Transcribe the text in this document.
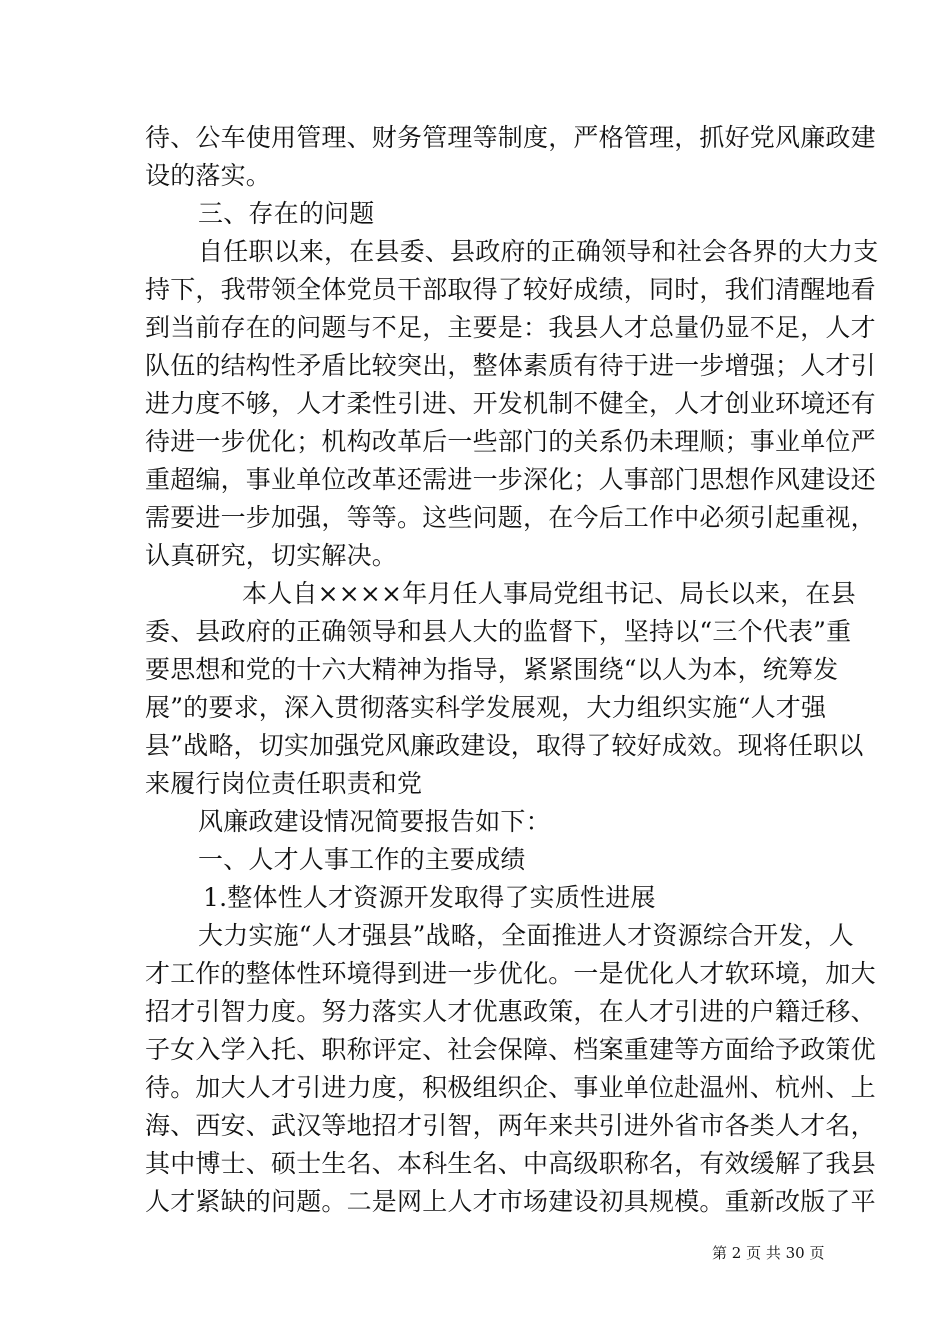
待、公车使用管理、财务管理等制度，严格管理，抓好党风廉政建
设的落实。
三、存在的问题
自任职以来，在县委、县政府的正确领导和社会各界的大力支
持下，我带领全体党员干部取得了较好成绩，同时，我们清醒地看
到当前存在的问题与不足，主要是：我县人才总量仍显不足，人才
队伍的结构性矛盾比较突出，整体素质有待于进一步增强；人才引
进力度不够，人才柔性引进、开发机制不健全，人才创业环境还有
待进一步优化；机构改革后一些部门的关系仍未理顺；事业单位严
重超编，事业单位改革还需进一步深化；人事部门思想作风建设还
需要进一步加强，等等。这些问题，在今后工作中必须引起重视，
认真研究，切实解决。
本人自××××年月任人事局党组书记、局长以来，在县
委、县政府的正确领导和县人大的监督下，坚持以“三个代表”重
要思想和党的十六大精神为指导，紧紧围绕“以人为本，统筹发
展”的要求，深入贯彻落实科学发展观，大力组织实施“人才强
县”战略，切实加强党风廉政建设，取得了较好成效。现将任职以
来履行岗位责任职责和党
风廉政建设情况简要报告如下：
一、人才人事工作的主要成绩
1.整体性人才资源开发取得了实质性进展
大力实施“人才强县”战略，全面推进人才资源综合开发，人
才工作的整体性环境得到进一步优化。一是优化人才软环境，加大
招才引智力度。努力落实人才优惠政策，在人才引进的户籍迁移、
子女入学入托、职称评定、社会保障、档案重建等方面给予政策优
待。加大人才引进力度，积极组织企、事业单位赴温州、杭州、上
海、西安、武汉等地招才引智，两年来共引进外省市各类人才名，
其中博士、硕士生名、本科生名、中高级职称名，有效缓解了我县
人才紧缺的问题。二是网上人才市场建设初具规模。重新改版了平
第 2 页 共 30 页
